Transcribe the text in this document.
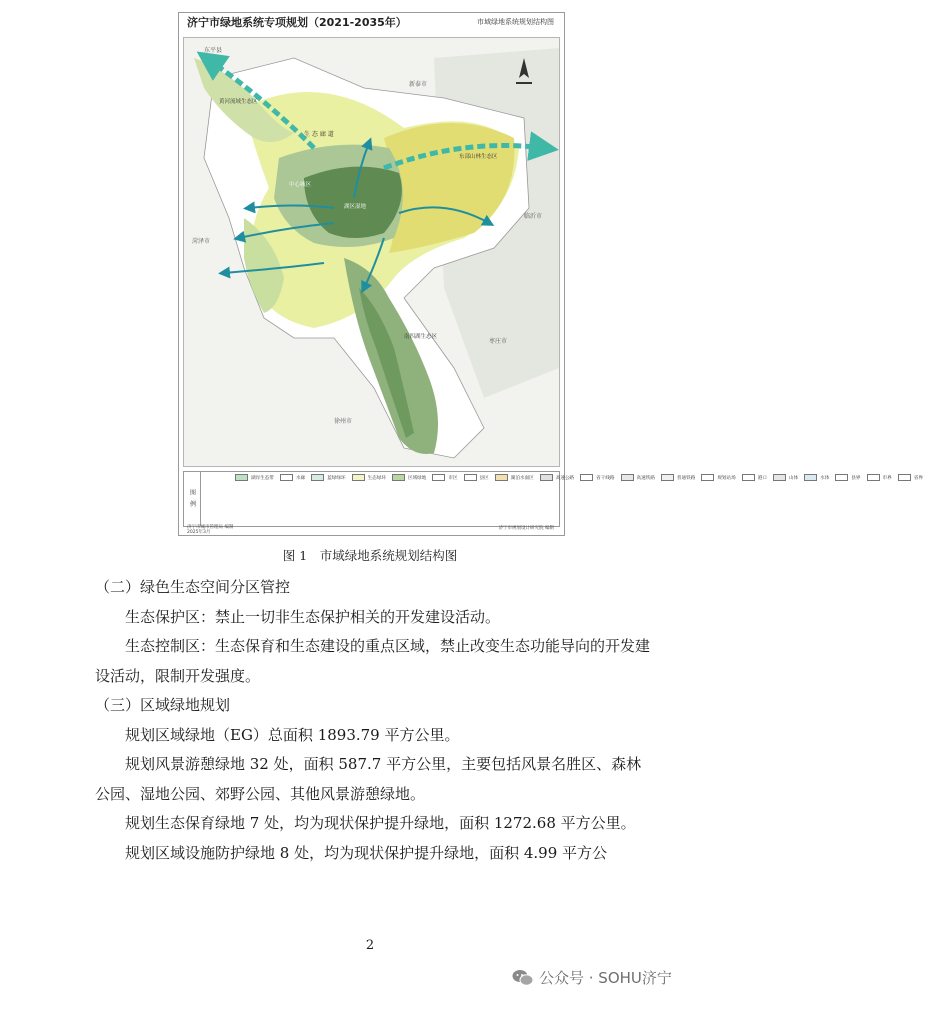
济宁市绿地系统专项规划（2021-2035年）	市域绿地系统规划结构图
东平县
新泰市
黄河流域生态区
生 态 廊 道
东部山林生态区
临沂市
菏泽市
枣庄市
徐州市
南四湖生态区
中心城区
湖区湿地
图 例
湖岸生态带	水廊	蓝绿绿环	生态绿环	区域绿地	市区	县区	湖泊水面区	高速公路	省干线路	高速铁路	普通铁路	规划站场	港口	山体	水体	县界	市界	省界
济宁市城市管理局 编制
2025年3月
济宁市规划设计研究院 编制
图 1　市域绿地系统规划结构图

（二）绿色生态空间分区管控

生态保护区：禁止一切非生态保护相关的开发建设活动。

生态控制区：生态保育和生态建设的重点区域，禁止改变生态功能导向的开发建设活动，限制开发强度。

（三）区域绿地规划

规划区域绿地（EG）总面积 1893.79 平方公里。

规划风景游憩绿地 32 处，面积 587.7 平方公里，主要包括风景名胜区、森林公园、湿地公园、郊野公园、其他风景游憩绿地。

规划生态保育绿地 7 处，均为现状保护提升绿地，面积 1272.68 平方公里。

规划区域设施防护绿地 8 处，均为现状保护提升绿地，面积 4.99 平方公

2
公众号 · SOHU济宁
